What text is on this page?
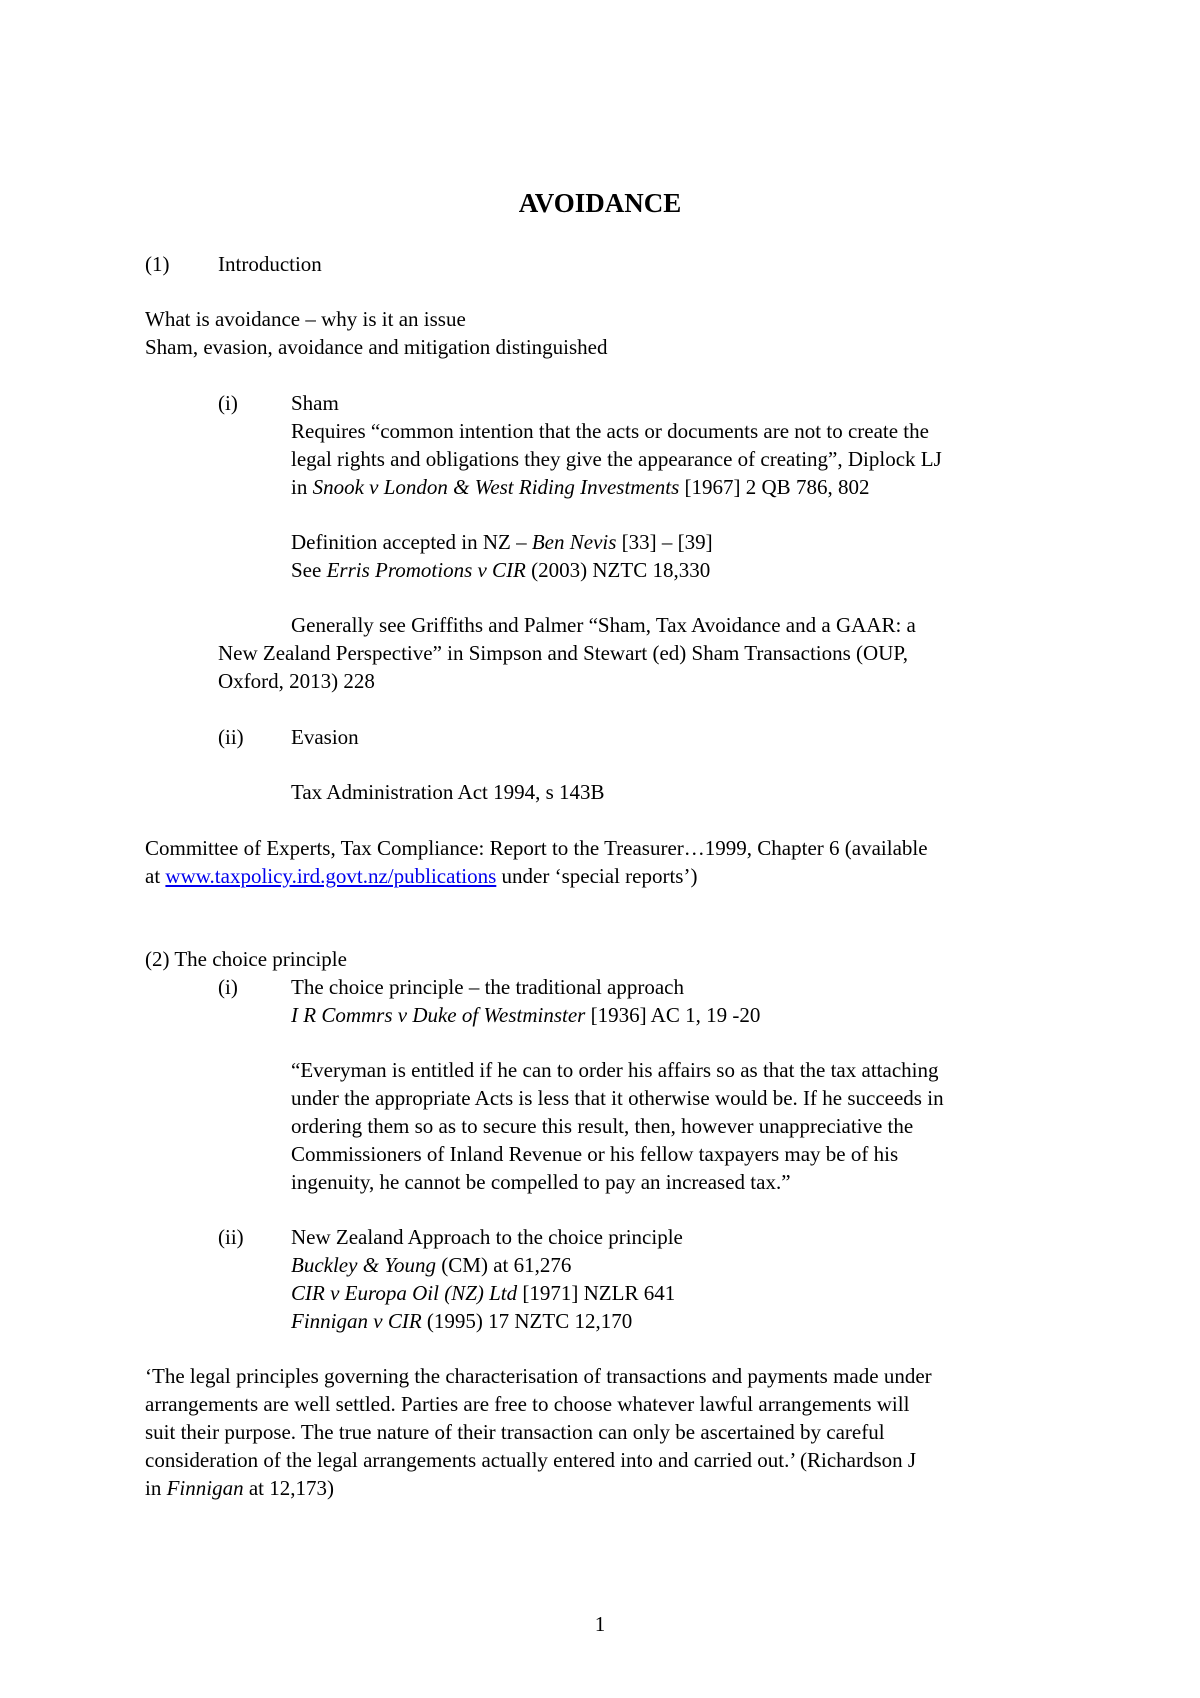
AVOIDANCE
(1) Introduction
What is avoidance – why is it an issue
Sham, evasion, avoidance and mitigation distinguished
(i)	Sham
Requires “common intention that the acts or documents are not to create the
legal rights and obligations they give the appearance of creating”, Diplock LJ
in Snook v London & West Riding Investments [1967] 2 QB 786, 802
Definition accepted in NZ – Ben Nevis [33] – [39]
See Erris Promotions v CIR (2003) NZTC 18,330
Generally see Griffiths and Palmer “Sham, Tax Avoidance and a GAAR: a
New Zealand Perspective” in Simpson and Stewart (ed) Sham Transactions (OUP,
Oxford, 2013) 228
(ii) Evasion
Tax Administration Act 1994, s 143B
Committee of Experts, Tax Compliance: Report to the Treasurer…1999, Chapter 6 (available
at www.taxpolicy.ird.govt.nz/publications under ‘special reports’)
(2) The choice principle
(i)	The choice principle – the traditional approach
I R Commrs v Duke of Westminster [1936] AC 1, 19 -20
“Everyman is entitled if he can to order his affairs so as that the tax attaching
under the appropriate Acts is less that it otherwise would be. If he succeeds in
ordering them so as to secure this result, then, however unappreciative the
Commissioners of Inland Revenue or his fellow taxpayers may be of his
ingenuity, he cannot be compelled to pay an increased tax.”
(ii) New Zealand Approach to the choice principle
Buckley & Young (CM) at 61,276
CIR v Europa Oil (NZ) Ltd [1971] NZLR 641
Finnigan v CIR (1995) 17 NZTC 12,170
‘The legal principles governing the characterisation of transactions and payments made under
arrangements are well settled. Parties are free to choose whatever lawful arrangements will
suit their purpose. The true nature of their transaction can only be ascertained by careful
consideration of the legal arrangements actually entered into and carried out.’ (Richardson J
in Finnigan at 12,173)
1
